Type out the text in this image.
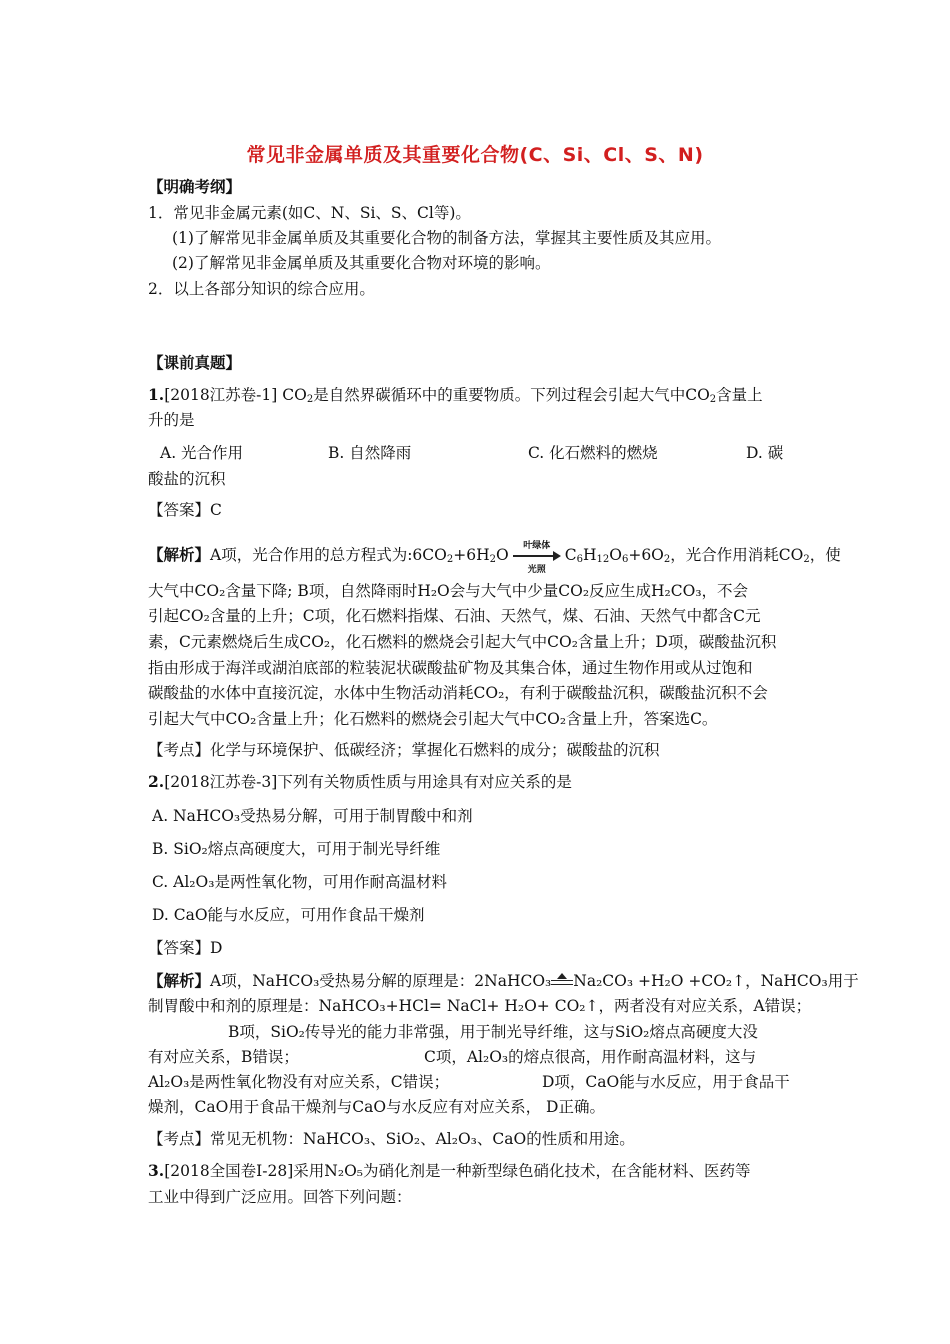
常见非金属单质及其重要化合物(C、Si、Cl、S、N)
【明确考纲】
1．常见非金属元素(如C、N、Si、S、Cl等)。
(1)了解常见非金属单质及其重要化合物的制备方法，掌握其主要性质及其应用。
(2)了解常见非金属单质及其重要化合物对环境的影响。
2．以上各部分知识的综合应用。
【课前真题】
1.[2018江苏卷-1] $CO_2$是自然界碳循环中的重要物质。下列过程会引起大气中$CO_2$含量上
升的是
A. 光合作用	B. 自然降雨	C. 化石燃料的燃烧	D. 碳
酸盐的沉积
【答案】C
【解析】A项，光合作用的总方程式为$:6CO_2+6H_2O$	叶绿体
光照
$C_6H_{12}O_6+6O_2$，光合作用消耗$CO_2$，使
大气中CO₂含量下降; B项，自然降雨时H₂O会与大气中少量CO₂反应生成H₂CO₃，不会
引起CO₂含量的上升；C项，化石燃料指煤、石油、天然气，煤、石油、天然气中都含C元
素，C元素燃烧后生成CO₂，化石燃料的燃烧会引起大气中CO₂含量上升；D项，碳酸盐沉积
指由形成于海洋或湖泊底部的粒装泥状碳酸盐矿物及其集合体，通过生物作用或从过饱和
碳酸盐的水体中直接沉淀，水体中生物活动消耗CO₂，有利于碳酸盐沉积，碳酸盐沉积不会
引起大气中CO₂含量上升；化石燃料的燃烧会引起大气中CO₂含量上升，答案选C。
【考点】化学与环境保护、低碳经济；掌握化石燃料的成分；碳酸盐的沉积
2.[2018江苏卷-3]下列有关物质性质与用途具有对应关系的是
A. NaHCO₃受热易分解，可用于制胃酸中和剂
B. SiO₂熔点高硬度大，可用于制光导纤维
C. Al₂O₃是两性氧化物，可用作耐高温材料
D. CaO能与水反应，可用作食品干燥剂
【答案】D
【解析】A项，NaHCO₃受热易分解的原理是：2NaHCO₃ Na₂CO₃ +H₂O +CO₂↑，NaHCO₃用于
制胃酸中和剂的原理是：NaHCO₃+HCl= NaCl+ H₂O+ CO₂↑，两者没有对应关系，A错误；
B项，SiO₂传导光的能力非常强，用于制光导纤维，这与SiO₂熔点高硬度大没
有对应关系，B错误；	C项，Al₂O₃的熔点很高，用作耐高温材料，这与
Al₂O₃是两性氧化物没有对应关系，C错误；	D项，CaO能与水反应，用于食品干
燥剂，CaO用于食品干燥剂与CaO与水反应有对应关系， D正确。
【考点】常见无机物：NaHCO₃、SiO₂、Al₂O₃、CaO的性质和用途。
3.[2018全国卷Ⅰ-28]采用N₂O₅为硝化剂是一种新型绿色硝化技术，在含能材料、医药等
工业中得到广泛应用。回答下列问题：
